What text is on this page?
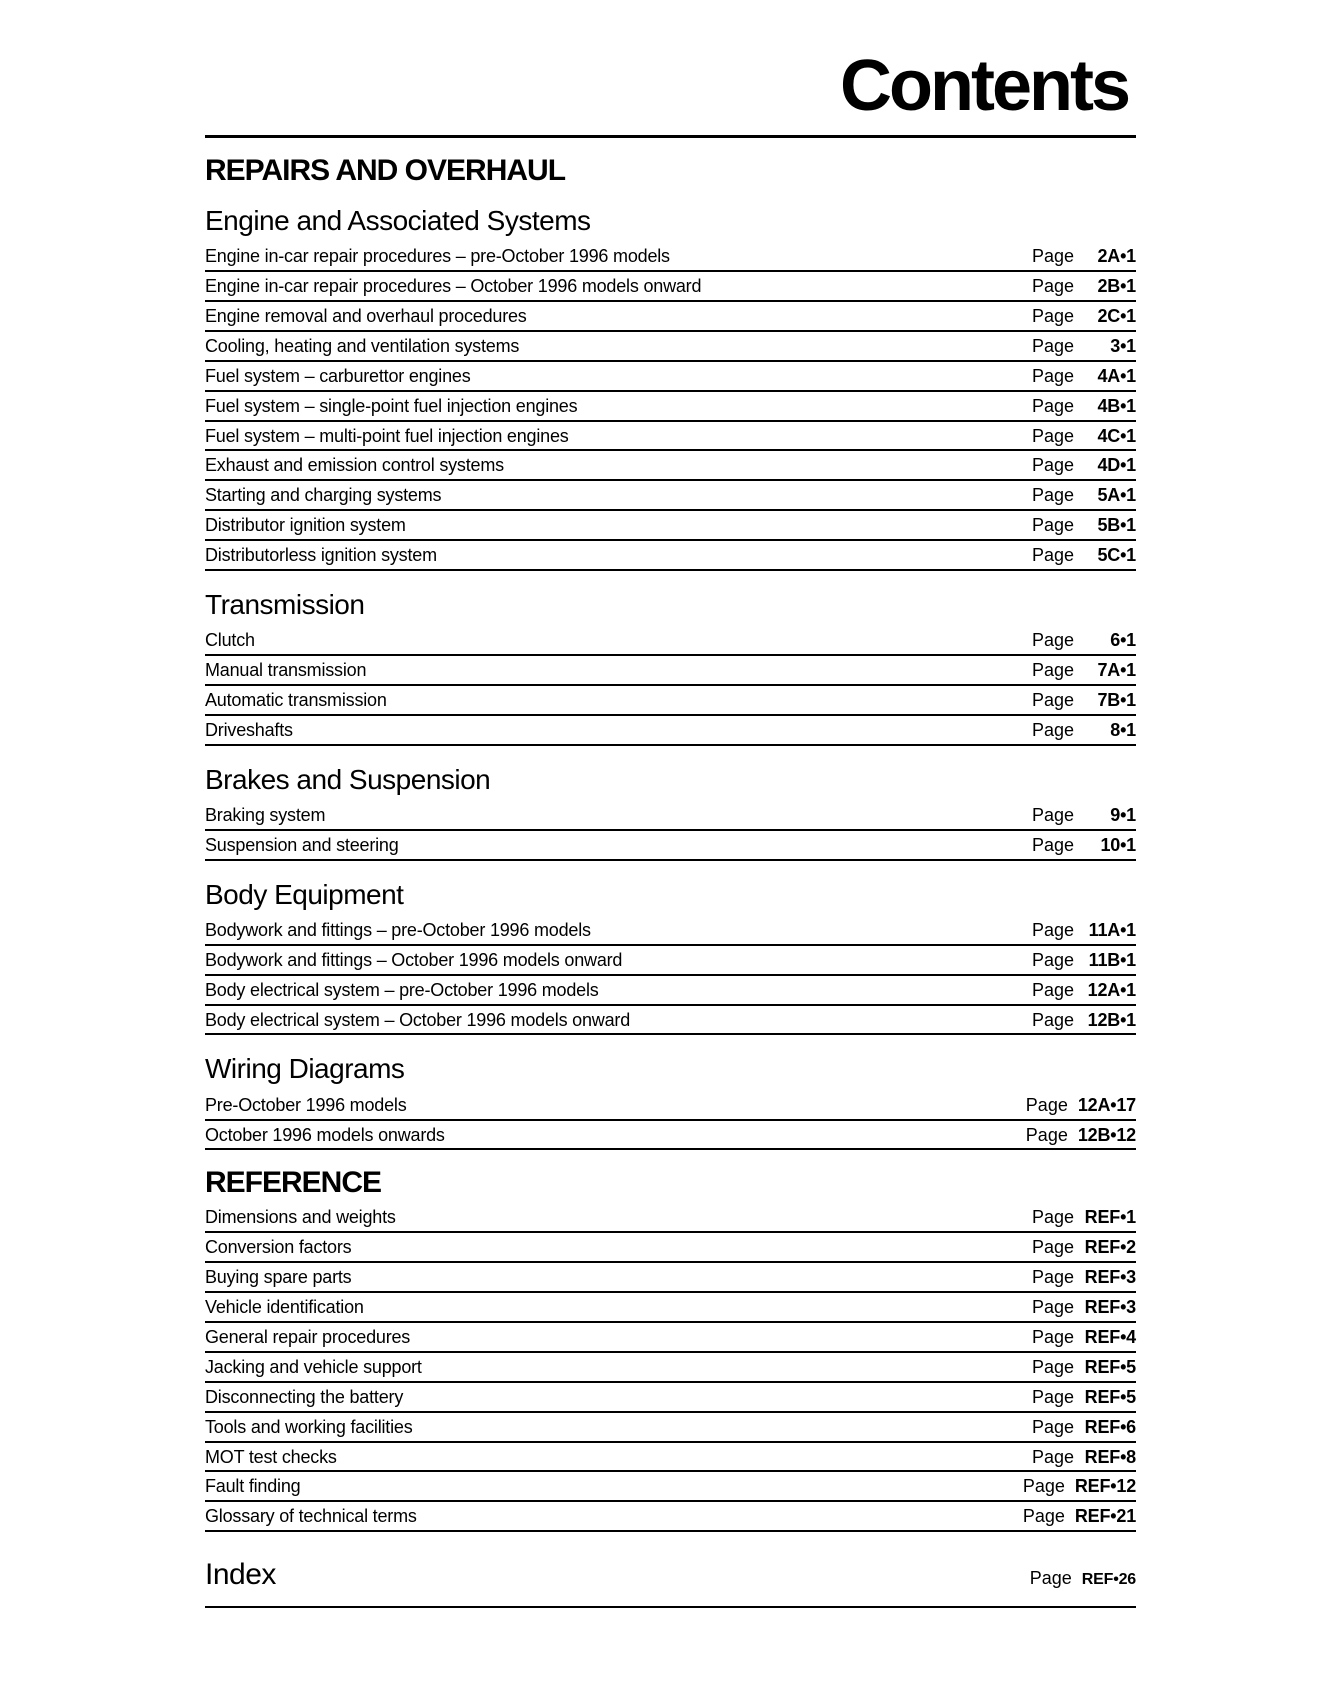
Contents
REPAIRS AND OVERHAUL
Engine and Associated Systems
Engine in-car repair procedures – pre-October 1996 models	Page	2A•1
Engine in-car repair procedures – October 1996 models onward	Page	2B•1
Engine removal and overhaul procedures	Page	2C•1
Cooling, heating and ventilation systems	Page	3•1
Fuel system – carburettor engines	Page	4A•1
Fuel system – single-point fuel injection engines	Page	4B•1
Fuel system – multi-point fuel injection engines	Page	4C•1
Exhaust and emission control systems	Page	4D•1
Starting and charging systems	Page	5A•1
Distributor ignition system	Page	5B•1
Distributorless ignition system	Page	5C•1
Transmission
Clutch	Page	6•1
Manual transmission	Page	7A•1
Automatic transmission	Page	7B•1
Driveshafts	Page	8•1
Brakes and Suspension
Braking system	Page	9•1
Suspension and steering	Page	10•1
Body Equipment
Bodywork and fittings – pre-October 1996 models	Page 11A•1
Bodywork and fittings – October 1996 models onward	Page 11B•1
Body electrical system – pre-October 1996 models	Page 12A•1
Body electrical system – October 1996 models onward	Page 12B•1
Wiring Diagrams
Pre-October 1996 models	Page 12A•17
October 1996 models onwards	Page 12B•12
REFERENCE
Dimensions and weights	Page REF•1
Conversion factors	Page REF•2
Buying spare parts	Page REF•3
Vehicle identification	Page REF•3
General repair procedures	Page REF•4
Jacking and vehicle support	Page REF•5
Disconnecting the battery	Page REF•5
Tools and working facilities	Page REF•6
MOT test checks	Page REF•8
Fault finding	Page REF•12
Glossary of technical terms	Page REF•21
Index	Page REF•26
